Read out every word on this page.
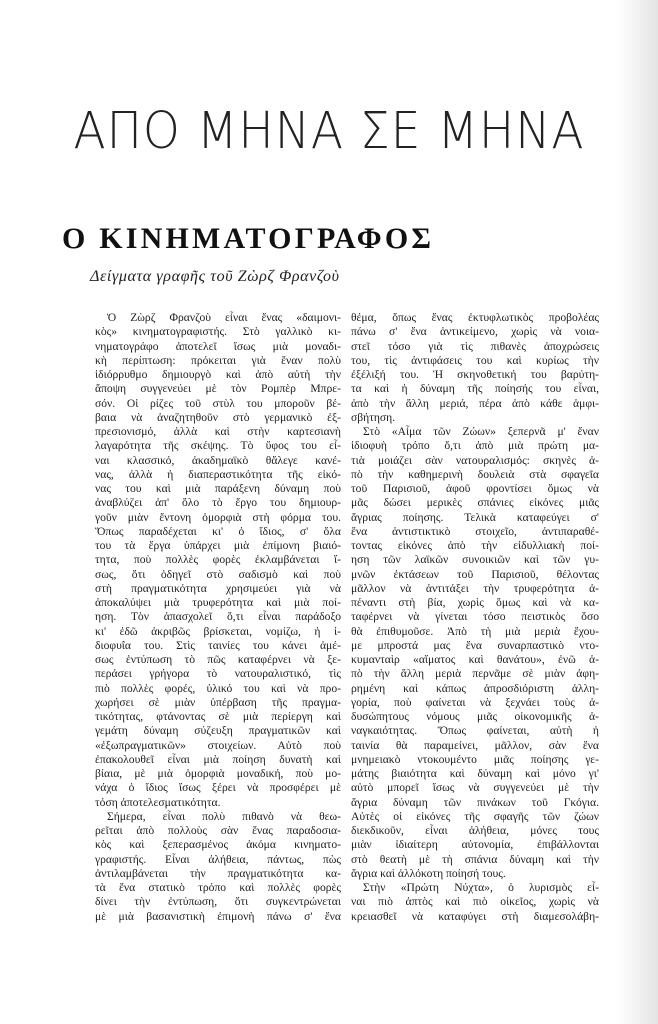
ΑΠΟ ΜΗΝΑ ΣΕ ΜΗΝΑ
Ο ΚΙΝΗΜΑΤΟΓΡΑΦΟΣ
Δείγματα γραφῆς τοῦ Ζὼρζ Φρανζοὺ
Ὁ Ζὼρζ Φρανζοὺ εἶναι ἕνας «δαιμονι-
κὸς» κινηματογραφιστής. Στὸ γαλλικὸ κι-
νηματογράφο ἀποτελεῖ ἴσως μιὰ μοναδι-
κὴ περίπτωση: πρόκειται γιὰ ἕναν πολὺ
ἰδιόρρυθμο δημιουργὸ καὶ ἀπὸ αὐτὴ τὴν
ἄποψη συγγενεύει μὲ τὸν Ρομπὲρ Μπρε-
σόν. Οἱ ρίζες τοῦ στὺλ του μποροῦν βέ-
βαια νὰ ἀναζητηθοῦν στὸ γερμανικὸ ἐξ-
πρεσιονισμό, ἀλλὰ καὶ στὴν καρτεσιανὴ
λαγαρότητα τῆς σκέψης. Τὸ ὕφος του εἶ-
ναι κλασσικό, ἀκαδημαϊκὸ θἄλεγε κανέ-
νας, ἀλλὰ ἡ διαπεραστικότητα τῆς εἰκό-
νας του καὶ μιὰ παράξενη δύναμη ποὺ
ἀναβλύζει ἀπ' ὅλο τὸ ἔργο του δημιουρ-
γοῦν μιὰν ἔντονη ὀμορφιὰ στὴ φόρμα του.
Ὅπως παραδέχεται κι' ὁ ἴδιος, σ' ὅλα
του τὰ ἔργα ὑπάρχει μιὰ ἐπίμονη βιαιό-
τητα, ποὺ πολλὲς φορὲς ἐκλαμβάνεται ἴ-
σως, ὅτι ὁδηγεῖ στὸ σαδισμὸ καὶ ποὺ
στὴ πραγματικότητα χρησιμεύει γιὰ νὰ
ἀποκαλύψει μιὰ τρυφερότητα καὶ μιὰ ποί-
ηση. Τὸν ἀπασχολεῖ ὅ,τι εἶναι παράδοξο
κι' ἐδῶ ἀκριβῶς βρίσκεται, νομίζω, ἡ ἰ-
διοφυΐα του. Στὶς ταινίες του κάνει ἀμέ-
σως ἐντύπωση τὸ πῶς καταφέρνει νὰ ξε-
περάσει γρήγορα τὸ νατουραλιστικό, τὶς
πιὸ πολλὲς φορές, ὑλικό του καὶ νὰ προ-
χωρήσει σὲ μιὰν ὑπέρβαση τῆς πραγμα-
τικότητας, φτάνοντας σὲ μιὰ περίεργη καὶ
γεμάτη δύναμη σύζευξη πραγματικῶν καὶ
«ἐξωπραγματικῶν» στοιχείων. Αὐτὸ ποὺ
ἐπακολουθεῖ εἶναι μιὰ ποίηση δυνατὴ καὶ
βίαια, μὲ μιὰ ὀμορφιὰ μοναδική, ποὺ μο-
νάχα ὁ ἴδιος ἴσως ξέρει νὰ προσφέρει μὲ
τόση ἀποτελεσματικότητα.
Σήμερα, εἶναι πολὺ πιθανὸ νὰ θεω-
ρεῖται ἀπὸ πολλοὺς σὰν ἕνας παραδοσια-
κὸς καὶ ξεπερασμένος ἀκόμα κινηματο-
γραφιστής. Εἶναι ἀλήθεια, πάντως, πὼς
ἀντιλαμβάνεται τὴν πραγματικότητα κα-
τὰ ἕνα στατικὸ τρόπο καὶ πολλὲς φορὲς
δίνει τὴν ἐντύπωση, ὅτι συγκεντρώνεται
μὲ μιὰ βασανιστικὴ ἐπιμονὴ πάνω σ' ἕνα
θέμα, ὅπως ἕνας ἐκτυφλωτικὸς προβολέας
πάνω σ' ἕνα ἀντικείμενο, χωρὶς νὰ νοια-
στεῖ τόσο γιὰ τὶς πιθανὲς ἀποχρώσεις
του, τὶς ἀντιφάσεις του καὶ κυρίως τὴν
ἐξέλιξή του. Ἡ σκηνοθετική του βαρύτη-
τα καὶ ἡ δύναμη τῆς ποίησής του εἶναι,
ἀπὸ τὴν ἄλλη μεριά, πέρα ἀπὸ κάθε ἀμφι-
σβήτηση.
Στὸ «Αἷμα τῶν Ζώων» ξεπερνᾶ μ' ἕναν
ἰδιοφυὴ τρόπο ὅ,τι ἀπὸ μιὰ πρώτη μα-
τιὰ μοιάζει σὰν νατουραλισμός: σκηνὲς ἀ-
πὸ τὴν καθημερινὴ δουλειὰ στὰ σφαγεῖα
τοῦ Παρισιοῦ, ἀφοῦ φροντίσει ὅμως νὰ
μᾶς δώσει μερικὲς σπάνιες εἰκόνες μιᾶς
ἄγριας ποίησης. Τελικὰ καταφεύγει σ'
ἕνα ἀντιστικτικὸ στοιχεῖο, ἀντιπαραθέ-
τοντας εἰκόνες ἀπὸ τὴν εἰδυλλιακὴ ποί-
ηση τῶν λαϊκῶν συνοικιῶν καὶ τῶν γυ-
μνῶν ἐκτάσεων τοῦ Παρισιοῦ, θέλοντας
μᾶλλον νὰ ἀντιτάξει τὴν τρυφερότητα ἀ-
πέναντι στὴ βία, χωρὶς ὅμως καὶ νὰ κα-
ταφέρνει νὰ γίνεται τόσο πειστικὸς ὅσο
θὰ ἐπιθυμοῦσε. Ἀπὸ τὴ μιὰ μεριὰ ἔχου-
με μπροστά μας ἕνα συναρπαστικὸ ντο-
κυμανταὶρ «αἵματος καὶ θανάτου», ἐνῶ ἀ-
πὸ τὴν ἄλλη μεριὰ περνᾶμε σὲ μιὰν ἀφη-
ρημένη καὶ κάπως ἀπροσδιόριστη ἀλλη-
γορία, ποὺ φαίνεται νὰ ξεχνάει τοὺς ἀ-
δυσώπητους νόμους μιᾶς οἰκονομικῆς ἀ-
ναγκαιότητας. Ὅπως φαίνεται, αὐτὴ ἡ
ταινία θὰ παραμείνει, μᾶλλον, σὰν ἕνα
μνημειακὸ ντοκουμέντο μιᾶς ποίησης γε-
μάτης βιαιότητα καὶ δύναμη καὶ μόνο γι'
αὐτὸ μπορεῖ ἴσως νὰ συγγενεύει μὲ τὴν
ἄγρια δύναμη τῶν πινάκων τοῦ Γκόγια.
Αὐτὲς οἱ εἰκόνες τῆς σφαγῆς τῶν ζώων
διεκδικοῦν, εἶναι ἀλήθεια, μόνες τους
μιὰν ἰδιαίτερη αὐτονομία, ἐπιβάλλονται
στὸ θεατὴ μὲ τὴ σπάνια δύναμη καὶ τὴν
ἄγρια καὶ ἀλλόκοτη ποίησή τους.
Στὴν «Πρώτη Νύχτα», ὁ λυρισμὸς εἶ-
ναι πιὸ ἁπτὸς καὶ πιὸ οἰκεῖος, χωρὶς νὰ
κρειασθεῖ νὰ καταφύγει στὴ διαμεσολάβη-
